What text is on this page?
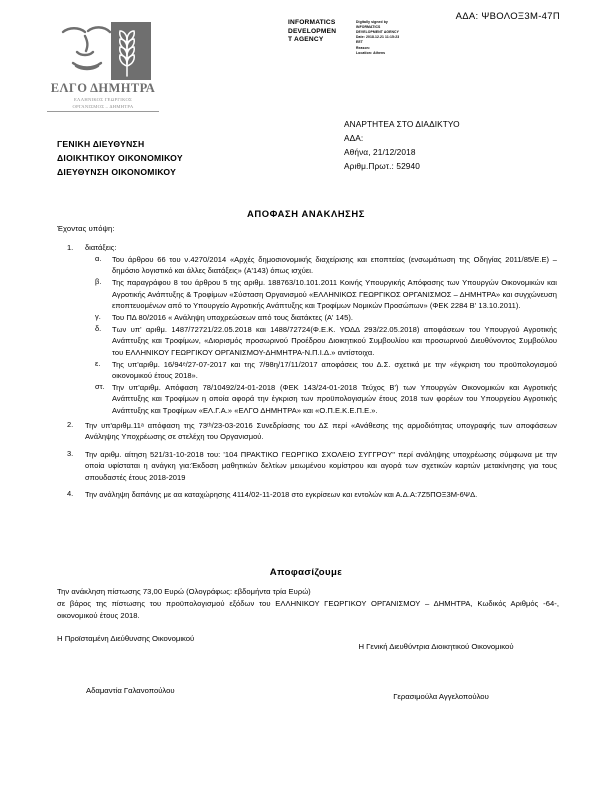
ΑΔΑ: ΨΒΟΛΟΞ3Μ-47Π
ΕΛΓΟ ΔΗΜΗΤΡΑ
ΕΛΛΗΝΙΚΟΣ ΓΕΩΡΓΙΚΟΣ
ΟΡΓΑΝΙΣΜΟΣ – ΔΗΜΗΤΡΑ
INFORMATICS
DEVELOPMEN
T AGENCY
Digitally signed by
INFORMATICS
DEVELOPMENT AGENCY
Date: 2018.12.21 11:15:23
EET
Reason:
Location: Athens
ΓΕΝΙΚΗ ΔΙΕΥΘΥΝΣΗ
ΔΙΟΙΚΗΤΙΚΟΥ ΟΙΚΟΝΟΜΙΚΟΥ
ΔΙΕΥΘΥΝΣΗ ΟΙΚΟΝΟΜΙΚΟΥ
ΑΝΑΡΤΗΤΕΑ ΣΤΟ ΔΙΑΔΙΚΤΥΟ
ΑΔΑ:
Αθήνα, 21/12/2018
Αριθμ.Πρωτ.: 52940
ΑΠΟΦΑΣΗ ΑΝΑΚΛΗΣΗΣ
Έχοντας υπόψη:
1.	διατάξεις:
α.	Του άρθρου 66 του ν.4270/2014 «Αρχές δημοσιονομικής διαχείρισης και εποπτείας (ενσωμάτωση της Οδηγίας 2011/85/Ε.Ε) –δημόσιο λογιστικό και άλλες διατάξεις» (Α'143) όπως ισχύει.
β.	Της παραγράφου 8 του άρθρου 5 της αριθμ. 188763/10.101.2011 Κοινής Υπουργικής Απόφασης των Υπουργών Οικονομικών και Αγροτικής Ανάπτυξης & Τροφίμων «Σύσταση Οργανισμού «ΕΛΛΗΝΙΚΟΣ ΓΕΩΡΓΙΚΟΣ ΟΡΓΑΝΙΣΜΟΣ – ΔΗΜΗΤΡΑ» και συγχώνευση εποπτευομένων από το Υπουργείο Αγροτικής Ανάπτυξης και Τροφίμων Νομικών Προσώπων» (ΦΕΚ 2284 Β' 13.10.2011).
γ.	Του ΠΔ 80/2016 « Ανάληψη υποχρεώσεων από τους διατάκτες (Α' 145).
δ.	Των υπ' αριθμ. 1487/72721/22.05.2018 και 1488/72724(Φ.Ε.Κ. ΥΟΔΔ 293/22.05.2018) αποφάσεων του Υπουργού Αγροτικής Ανάπτυξης και Τροφίμων, «Διορισμός προσωρινού Προέδρου Διοικητικού Συμβουλίου και προσωρινού Διευθύνοντος Συμβούλου του ΕΛΛΗΝΙΚΟΥ ΓΕΩΡΓΙΚΟΥ ΟΡΓΑΝΙΣΜΟΥ-ΔΗΜΗΤΡΑ-Ν.Π.Ι.Δ.» αντίστοιχα.
ε.	Της υπ'αριθμ. 16/94ᵉ/27-07-2017 και της 7/98η/17/11/2017 αποφάσεις του Δ.Σ. σχετικά με την «έγκριση του προϋπολογισμού οικονομικού έτους 2018».
στ. Την υπ'αριθμ. Απόφαση 78/10492/24-01-2018 (ΦΕΚ 143/24-01-2018 Τεύχος Β') των Υπουργών Οικονομικών και Αγροτικής Ανάπτυξης και Τροφίμων η οποία αφορά την έγκριση των προϋπολογισμών έτους 2018 των φορέων του Υπουργείου Αγροτικής Ανάπτυξης και Τροφίμων «ΕΛ.Γ.Α.» «ΕΛΓΟ ΔΗΜΗΤΡΑ» και «Ο.Π.Ε.Κ.Ε.Π.Ε.».
2.	Την υπ'αριθμ.11ᵃ απόφαση της 73ᵗʰ/23-03-2016 Συνεδρίασης του ΔΣ περί «Ανάθεσης της αρμοδιότητας υπογραφής των αποφάσεων Ανάληψης Υποχρέωσης σε στελέχη του Οργανισμού.
3.	Την αριθμ. αίτηση 521/31-10-2018 του: '104 ΠΡΑΚΤΙΚΟ ΓΕΩΡΓΙΚΟ ΣΧΟΛΕΙΟ ΣΥΓΓΡΟΥ" περί ανάληψης υποχρέωσης σύμφωνα με την οποία υφίσταται η ανάγκη για:Έκδοση μαθητικών δελτίων μειωμένου κομίστρου και αγορά των σχετικών καρτών μετακίνησης για τους σπουδαστές έτους 2018-2019
4.	Την ανάληψη δαπάνης με αα καταχώρησης 4114/02-11-2018 στο εγκρίσεων και εντολών και Α.Δ.Α:7Ζ5ΠΟΞ3Μ-6ΨΔ.
Αποφασίζουμε
Την ανάκληση πίστωσης 73,00 Ευρώ (Ολογράφως: εβδομήντα τρία Ευρώ)
σε βάρος της πίστωσης του προϋπολογισμού εξόδων του ΕΛΛΗΝΙΚΟΥ ΓΕΩΡΓΙΚΟΥ ΟΡΓΑΝΙΣΜΟΥ – ΔΗΜΗΤΡΑ, Κωδικός Αριθμός -64-, οικονομικού έτους 2018.
Η Προϊσταμένη Διεύθυνσης Οικονομικού
Αδαμαντία Γαλανοπούλου
Η Γενική Διευθύντρια Διοικητικού Οικονομικού
Γερασιμούλα Αγγελοπούλου
